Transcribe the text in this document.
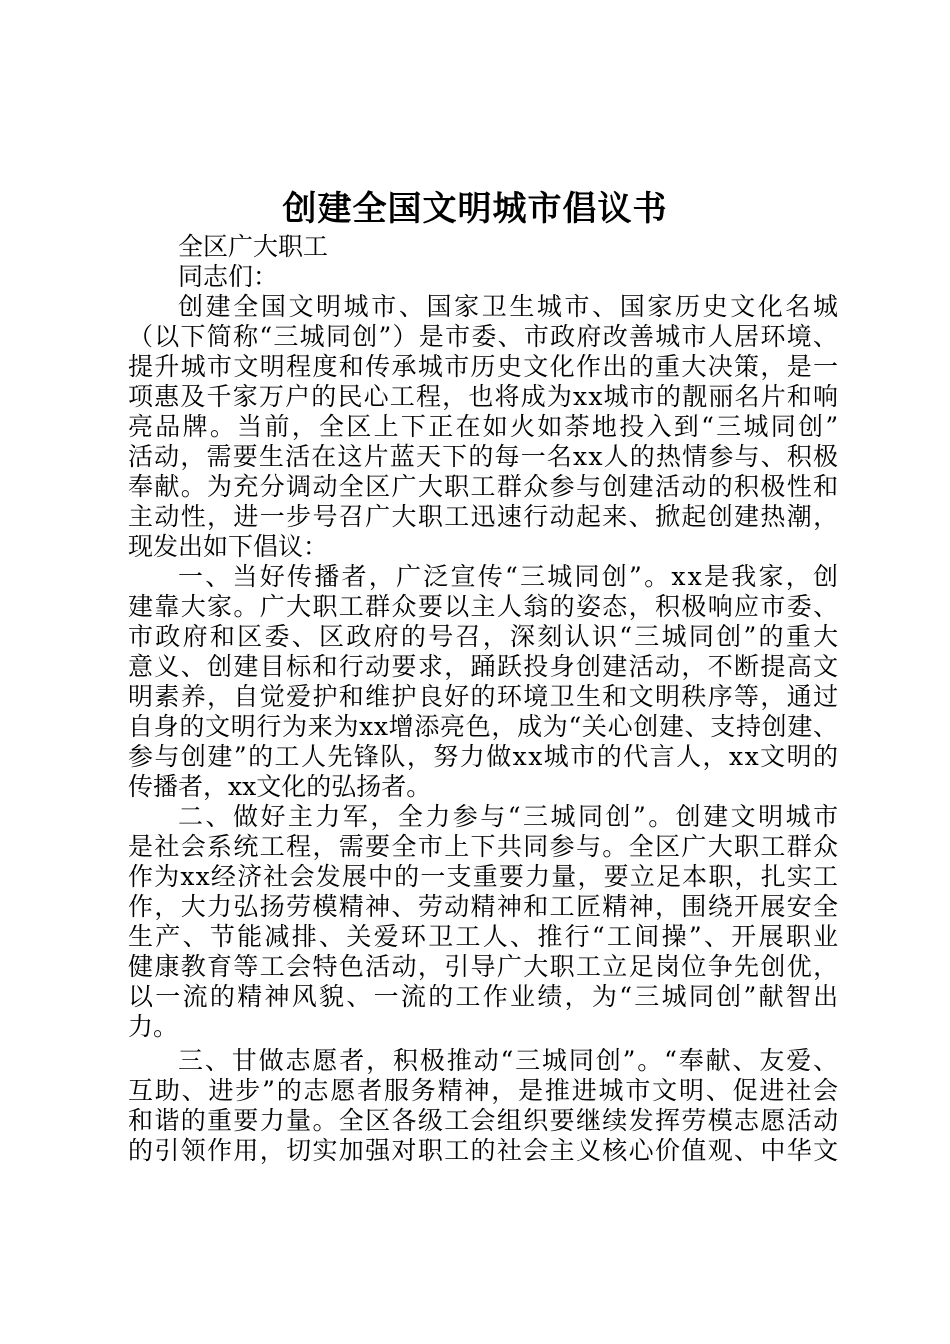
创建全国文明城市倡议书
全区广大职工
同志们：
创建全国文明城市、国家卫生城市、国家历史文化名城
（以下简称“三城同创”）是市委、市政府改善城市人居环境、
提升城市文明程度和传承城市历史文化作出的重大决策，是一
项惠及千家万户的民心工程，也将成为xx城市的靓丽名片和响
亮品牌。当前，全区上下正在如火如荼地投入到“三城同创”
活动，需要生活在这片蓝天下的每一名xx人的热情参与、积极
奉献。为充分调动全区广大职工群众参与创建活动的积极性和
主动性，进一步号召广大职工迅速行动起来、掀起创建热潮，
现发出如下倡议：
一、当好传播者，广泛宣传“三城同创”。xx是我家，创
建靠大家。广大职工群众要以主人翁的姿态，积极响应市委、
市政府和区委、区政府的号召，深刻认识“三城同创”的重大
意义、创建目标和行动要求，踊跃投身创建活动，不断提高文
明素养，自觉爱护和维护良好的环境卫生和文明秩序等，通过
自身的文明行为来为xx增添亮色，成为“关心创建、支持创建、
参与创建”的工人先锋队，努力做xx城市的代言人，xx文明的
传播者，xx文化的弘扬者。
二、做好主力军，全力参与“三城同创”。创建文明城市
是社会系统工程，需要全市上下共同参与。全区广大职工群众
作为xx经济社会发展中的一支重要力量，要立足本职，扎实工
作，大力弘扬劳模精神、劳动精神和工匠精神，围绕开展安全
生产、节能减排、关爱环卫工人、推行“工间操”、开展职业
健康教育等工会特色活动，引导广大职工立足岗位争先创优，
以一流的精神风貌、一流的工作业绩，为“三城同创”献智出
力。
三、甘做志愿者，积极推动“三城同创”。“奉献、友爱、
互助、进步”的志愿者服务精神，是推进城市文明、促进社会
和谐的重要力量。全区各级工会组织要继续发挥劳模志愿活动
的引领作用，切实加强对职工的社会主义核心价值观、中华文
